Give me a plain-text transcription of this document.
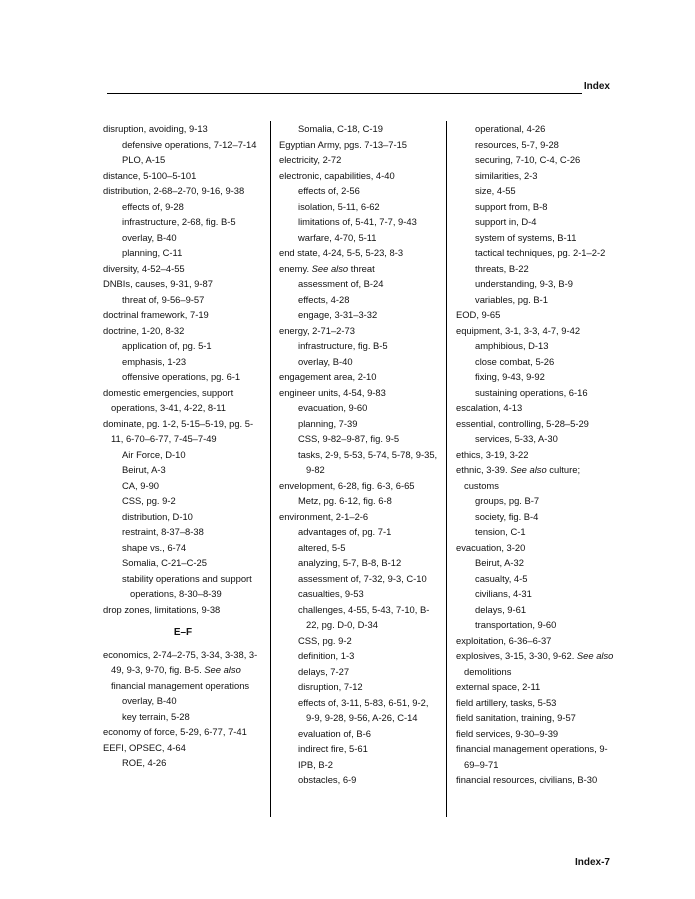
Index
disruption, avoiding, 9-13
defensive operations, 7-12–7-14
PLO, A-15
distance, 5-100–5-101
distribution, 2-68–2-70, 9-16, 9-38
effects of, 9-28
infrastructure, 2-68, fig. B-5
overlay, B-40
planning, C-11
diversity, 4-52–4-55
DNBIs, causes, 9-31, 9-87
threat of, 9-56–9-57
doctrinal framework, 7-19
doctrine, 1-20, 8-32
application of, pg. 5-1
emphasis, 1-23
offensive operations, pg. 6-1
domestic emergencies, support operations, 3-41, 4-22, 8-11
dominate, pg. 1-2, 5-15–5-19, pg. 5-11, 6-70–6-77, 7-45–7-49
Air Force, D-10
Beirut, A-3
CA, 9-90
CSS, pg. 9-2
distribution, D-10
restraint, 8-37–8-38
shape vs., 6-74
Somalia, C-21–C-25
stability operations and support operations, 8-30–8-39
drop zones, limitations, 9-38
E–F
economics, 2-74–2-75, 3-34, 3-38, 3-49, 9-3, 9-70, fig. B-5. See also financial management operations
overlay, B-40
key terrain, 5-28
economy of force, 5-29, 6-77, 7-41
EEFI, OPSEC, 4-64
ROE, 4-26
Somalia, C-18, C-19
Egyptian Army, pgs. 7-13–7-15
electricity, 2-72
electronic, capabilities, 4-40
effects of, 2-56
isolation, 5-11, 6-62
limitations of, 5-41, 7-7, 9-43
warfare, 4-70, 5-11
end state, 4-24, 5-5, 5-23, 8-3
enemy. See also threat
assessment of, B-24
effects, 4-28
engage, 3-31–3-32
energy, 2-71–2-73
infrastructure, fig. B-5
overlay, B-40
engagement area, 2-10
engineer units, 4-54, 9-83
evacuation, 9-60
planning, 7-39
CSS, 9-82–9-87, fig. 9-5
tasks, 2-9, 5-53, 5-74, 5-78, 9-35, 9-82
envelopment, 6-28, fig. 6-3, 6-65
Metz, pg. 6-12, fig. 6-8
environment, 2-1–2-6
advantages of, pg. 7-1
altered, 5-5
analyzing, 5-7, B-8, B-12
assessment of, 7-32, 9-3, C-10
casualties, 9-53
challenges, 4-55, 5-43, 7-10, B-22, pg. D-0, D-34
CSS, pg. 9-2
definition, 1-3
delays, 7-27
disruption, 7-12
effects of, 3-11, 5-83, 6-51, 9-2, 9-9, 9-28, 9-56, A-26, C-14
evaluation of, B-6
indirect fire, 5-61
IPB, B-2
obstacles, 6-9
operational, 4-26
resources, 5-7, 9-28
securing, 7-10, C-4, C-26
similarities, 2-3
size, 4-55
support from, B-8
support in, D-4
system of systems, B-11
tactical techniques, pg. 2-1–2-2
threats, B-22
understanding, 9-3, B-9
variables, pg. B-1
EOD, 9-65
equipment, 3-1, 3-3, 4-7, 9-42
amphibious, D-13
close combat, 5-26
fixing, 9-43, 9-92
sustaining operations, 6-16
escalation, 4-13
essential, controlling, 5-28–5-29
services, 5-33, A-30
ethics, 3-19, 3-22
ethnic, 3-39. See also culture; customs
groups, pg. B-7
society, fig. B-4
tension, C-1
evacuation, 3-20
Beirut, A-32
casualty, 4-5
civilians, 4-31
delays, 9-61
transportation, 9-60
exploitation, 6-36–6-37
explosives, 3-15, 3-30, 9-62. See also demolitions
external space, 2-11
field artillery, tasks, 5-53
field sanitation, training, 9-57
field services, 9-30–9-39
financial management operations, 9-69–9-71
financial resources, civilians, B-30
Index-7
